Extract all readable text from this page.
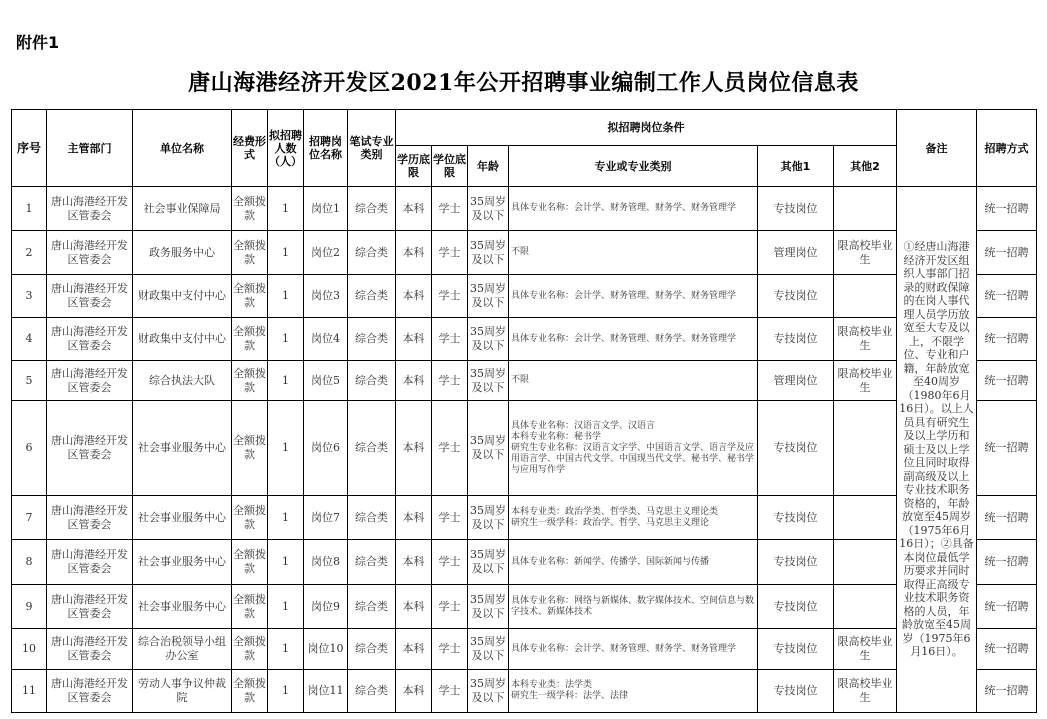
附件1
唐山海港经济开发区2021年公开招聘事业编制工作人员岗位信息表
序号	主管部门	单位名称	经费形式	拟招聘人数（人）	招聘岗位名称	笔试专业类别	拟招聘岗位条件						备注	招聘方式
							学历底限	学位底限	年龄	专业或专业类别	其他1	其他2		
1	唐山海港经开发区管委会	社会事业保障局	全额拨款	1	岗位1	综合类	本科	学士	35周岁及以下	具体专业名称：会计学、财务管理、财务学、财务管理学	专技岗位		①经唐山海港经济开发区组织人事部门招录的财政保障的在岗人事代理人员学历放宽至大专及以上，不限学位、专业和户籍，年龄放宽至40周岁（1980年6月16日）。以上人员具有研究生及以上学历和硕士及以上学位且同时取得副高级及以上专业技术职务资格的，年龄放宽至45周岁（1975年6月16日）；②具备本岗位最低学历要求并同时取得正高级专业技术职务资格的人员，年龄放宽至45周岁（1975年6月16日）。	统一招聘
2	唐山海港经开发区管委会	政务服务中心	全额拨款	1	岗位2	综合类	本科	学士	35周岁及以下	不限	管理岗位	限高校毕业生		统一招聘
3	唐山海港经开发区管委会	财政集中支付中心	全额拨款	1	岗位3	综合类	本科	学士	35周岁及以下	具体专业名称：会计学、财务管理、财务学、财务管理学	专技岗位			统一招聘
4	唐山海港经开发区管委会	财政集中支付中心	全额拨款	1	岗位4	综合类	本科	学士	35周岁及以下	具体专业名称：会计学、财务管理、财务学、财务管理学	专技岗位	限高校毕业生		统一招聘
5	唐山海港经开发区管委会	综合执法大队	全额拨款	1	岗位5	综合类	本科	学士	35周岁及以下	不限	管理岗位	限高校毕业生		统一招聘
6	唐山海港经开发区管委会	社会事业服务中心	全额拨款	1	岗位6	综合类	本科	学士	35周岁及以下	具体专业名称：汉语言文学、汉语言
本科专业名称：秘书学
研究生专业名称：汉语言文字学、中国语言文学、语言学及应用语言学、中国古代文学、中国现当代文学、秘书学、秘书学与应用写作学	专技岗位			统一招聘
7	唐山海港经开发区管委会	社会事业服务中心	全额拨款	1	岗位7	综合类	本科	学士	35周岁及以下	本科专业类：政治学类、哲学类、马克思主义理论类
研究生一级学科：政治学、哲学、马克思主义理论	专技岗位			统一招聘
8	唐山海港经开发区管委会	社会事业服务中心	全额拨款	1	岗位8	综合类	本科	学士	35周岁及以下	具体专业名称：新闻学、传播学、国际新闻与传播	专技岗位			统一招聘
9	唐山海港经开发区管委会	社会事业服务中心	全额拨款	1	岗位9	综合类	本科	学士	35周岁及以下	具体专业名称：网络与新媒体、数字媒体技术、空间信息与数字技术、新媒体技术	专技岗位			统一招聘
10	唐山海港经开发区管委会	综合治税领导小组办公室	全额拨款	1	岗位10	综合类	本科	学士	35周岁及以下	具体专业名称：会计学、财务管理、财务学、财务管理学	专技岗位	限高校毕业生		统一招聘
11	唐山海港经开发区管委会	劳动人事争议仲裁院	全额拨款	1	岗位11	综合类	本科	学士	35周岁及以下	本科专业类：法学类
研究生一级学科：法学、法律	专技岗位	限高校毕业生		统一招聘
